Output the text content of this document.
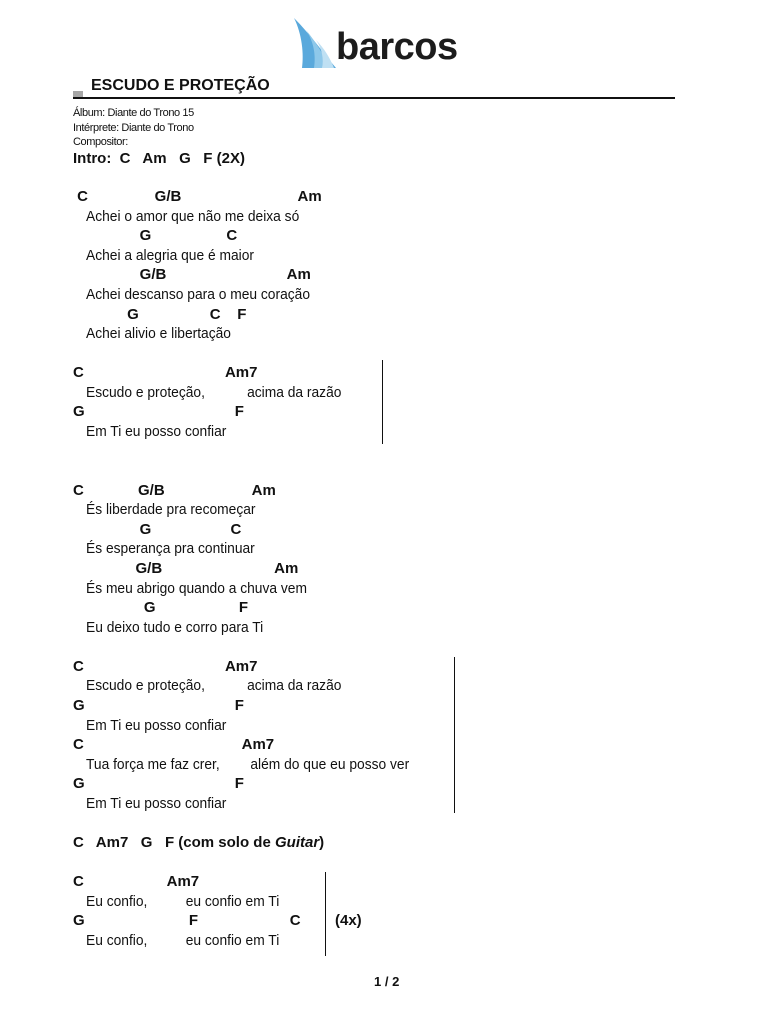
barcos
ESCUDO E PROTEÇÃO
Álbum: Diante do Trono 15
Intérprete: Diante do Trono
Compositor:
Intro:  C   Am   G   F (2X)
C                G/B                            Am
Achei o amor que não me deixa só
G                  C
Achei a alegria que é maior
G/B                             Am
Achei descanso para o meu coração
G                 C    F
Achei alivio e libertação
C                                  Am7
Escudo e proteção,           acima da razão
G                                    F
Em Ti eu posso confiar
C             G/B                     Am
És liberdade pra recomeçar
G                   C
És esperança pra continuar
G/B                           Am
És meu abrigo quando a chuva vem
G                    F
Eu deixo tudo e corro para Ti
C                                  Am7
Escudo e proteção,           acima da razão
G                                    F
Em Ti eu posso confiar
C                                      Am7
Tua força me faz crer,        além do que eu posso ver
G                                    F
Em Ti eu posso confiar
C   Am7   G   F (com solo de Guitar)
C                    Am7
Eu confio,          eu confio em Ti
G                         F                      C
Eu confio,          eu confio em Ti
(4x)
1 / 2
